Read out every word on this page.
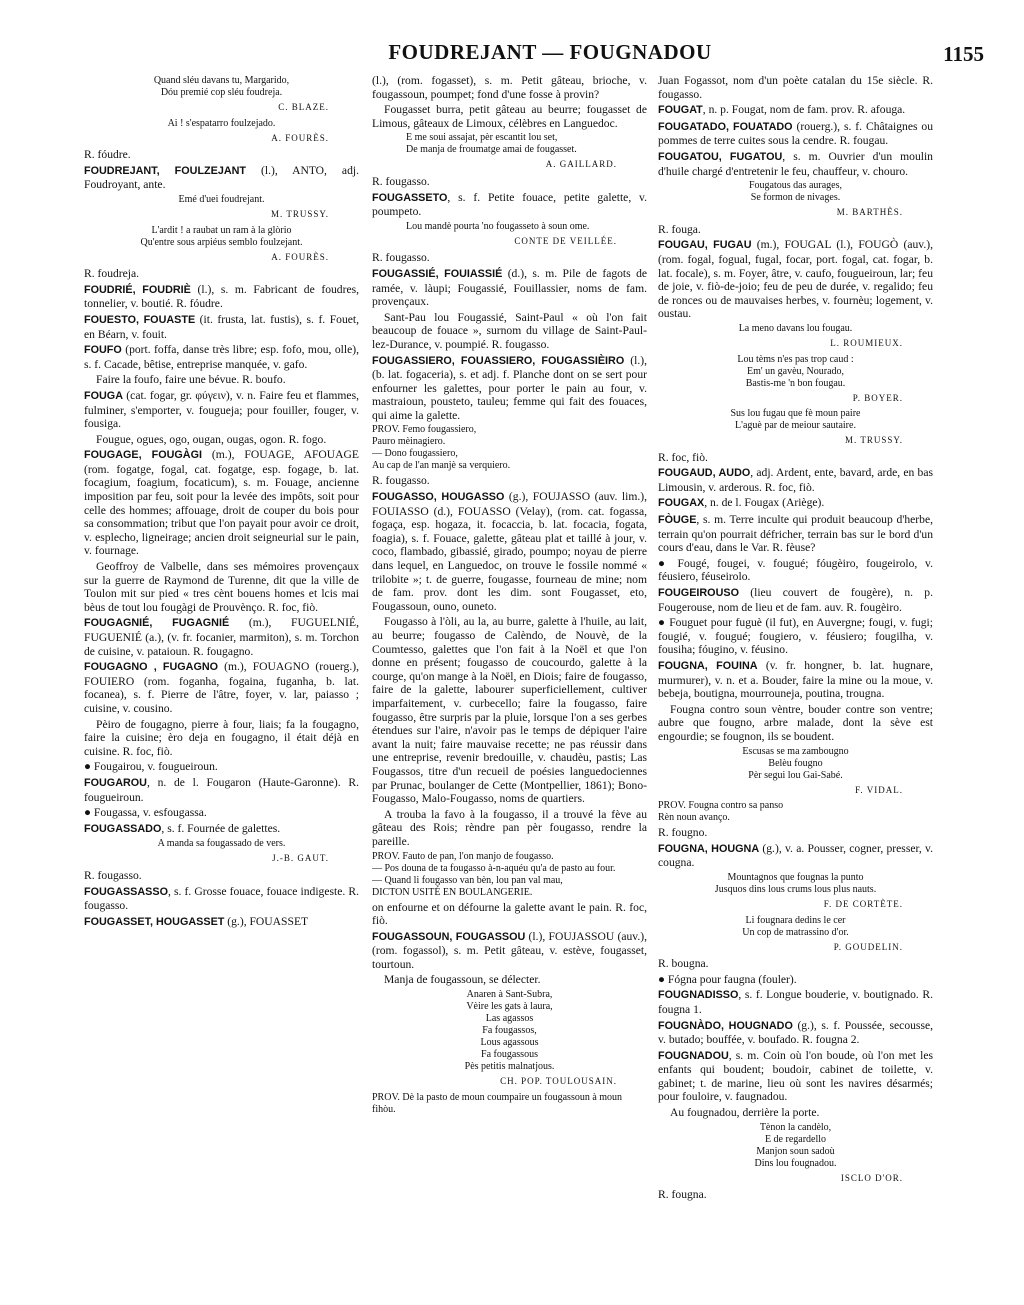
FOUDREJANT — FOUGNADOU	1155
Quand sléu davans tu, Margarido,
Dóu premié cop sléu foudreja.
C. BLAZE.
Ai ! s'espatarro foulzejado.
A. FOURÈS.
R. fóudre.
FOUDREJANT, FOULZEJANT (l.), ANTO, adj. Foudroyant, ante.
Emé d'uei foudrejant.
M. TRUSSY.
L'ardit ! a raubat un ram à la glòrio
Qu'entre sous arpiéus semblo foulzejant.
A. FOURÈS.
R. foudreja.
FOUDRIÉ, FOUDRIÈ (l.), s. m. Fabricant de foudres, tonnelier, v. boutié. R. fóudre.
FOUESTO, FOUASTE (it. frusta, lat. fustis), s. f. Fouet, en Béarn, v. fouit.
FOUFO (port. foffa, danse très libre; esp. fofo, mou, olle), s. f. Cacade, bêtise, entreprise manquée, v. gafo.
Faire la foufo, faire une bévue. R. boufo.
FOUGA (cat. fogar, gr. φύγειν), v. n. Faire feu et flammes, fulminer, s'emporter, v. fougueja; pour fouiller, fouger, v. fousiga.
Fougue, ogues, ogo, ougan, ougas, ogon. R. fogo.
FOUGAGE, FOUGÀGI (m.), FOUAGE, AFOUAGE (rom. fogatge, fogal, cat. fogatge, esp. fogage, b. lat. focagium, foagium, focaticum), s. m. Fouage, ancienne imposition par feu, soit pour la levée des impôts, soit pour celle des hommes; affouage, droit de couper du bois pour sa consommation; tribut que l'on payait pour avoir ce droit, v. esplecho, ligneirage; ancien droit seigneurial sur le pain, v. fournage.
Geoffroy de Valbelle, dans ses mémoires provençaux sur la guerre de Raymond de Turenne, dit que la ville de Toulon mit sur pied « tres cènt bouens homes et lcis mai bèus de tout lou fougàgi de Prouvènço. R. foc, fiò.
FOUGAGNIÉ, FUGAGNIÉ (m.), FUGUELNIÉ, FUGUENIÉ (a.), (v. fr. focanier, marmiton), s. m. Torchon de cuisine, v. pataioun. R. fougagno.
FOUGAGNO , FUGAGNO (m.), FOUAGNO (rouerg.), FOUIERO (rom. foganha, fogaina, fuganha, b. lat. focanea), s. f. Pierre de l'âtre, foyer, v. lar, paiasso ; cuisine, v. cousino.
Pèiro de fougagno, pierre à four, liais; fa la fougagno, faire la cuisine; èro deja en fougagno, il était déjà en cuisine. R. foc, fiò.
● Fougairou, v. fougueiroun.
FOUGAROU, n. de l. Fougaron (Haute-Garonne). R. fougueiroun.
● Fougassa, v. esfougassa.
FOUGASSADO, s. f. Fournée de galettes.
A manda sa fougassado de vers.
J.-B. GAUT.
R. fougasso.
FOUGASSASSO, s. f. Grosse fouace, fouace indigeste. R. fougasso.
FOUGASSET, HOUGASSET (g.), FOUASSET
(l.), (rom. fogasset), s. m. Petit gâteau, brioche, v. fougassoun, poumpet; fond d'une fosse à provin?
Fougasset burra, petit gâteau au beurre; fougasset de Limous, gâteaux de Limoux, célèbres en Languedoc.
E me soui assajat, pèr escantit lou set,
De manja de froumatge amai de fougasset.
A. GAILLARD.
R. fougasso.
FOUGASSETO, s. f. Petite fouace, petite galette, v. poumpeto.
Lou mandè pourta 'no fougasseto à soun ome.
CONTE DE VEILLÉE.
R. fougasso.
FOUGASSIÉ, FOUIASSIÉ (d.), s. m. Pile de fagots de ramée, v. làupi; Fougassié, Fouillassier, noms de fam. provençaux.
Sant-Pau lou Fougassié, Saint-Paul « où l'on fait beaucoup de fouace », surnom du village de Saint-Paul-lez-Durance, v. poumpié. R. fougasso.
FOUGASSIERO, FOUASSIERO, FOUGASSIÈIRO (l.), (b. lat. fogaceria), s. et adj. f. Planche dont on se sert pour enfourner les galettes, pour porter le pain au four, v. mastraioun, pousteto, tauleu; femme qui fait des fouaces, qui aime la galette.
PROV. Femo fougassiero,
Pauro mèinagiero.
— Dono fougassiero,
Au cap de l'an manjè sa verquiero.
R. fougasso.
FOUGASSO, HOUGASSO (g.), FOUJASSO (auv. lim.), FOUIASSO (d.), FOUASSO (Velay), (rom. cat. fogassa, fogaça, esp. hogaza, it. focaccia, b. lat. focacia, fogata, foagia), s. f. Fouace, galette, gâteau plat et taillé à jour, v. coco, flambado, gibassié, girado, poumpo; noyau de pierre dans lequel, en Languedoc, on trouve le fossile nommé « trilobite »; t. de guerre, fougasse, fourneau de mine; nom de fam. prov. dont les dim. sont Fougasset, eto, Fougassoun, ouno, ouneto.
Fougasso à l'òli, au la, au burre, galette à l'huile, au lait, au beurre; fougasso de Calèndo, de Nouvè, de la Coumtesso, galettes que l'on fait à la Noël et que l'on donne en présent; fougasso de coucourdo, galette à la courge, qu'on mange à la Noël, en Diois; faire de fougasso, faire de la galette, labourer superficiellement, cultiver imparfaitement, v. curbecello; faire la fougasso, faire fougasso, être surpris par la pluie, lorsque l'on a ses gerbes étendues sur l'aire, n'avoir pas le temps de dépiquer l'aire avant la nuit; faire mauvaise recette; ne pas réussir dans une entreprise, revenir bredouille, v. chaudèu, pastis; Las Fougassos, titre d'un recueil de poésies languedociennes par Prunac, boulanger de Cette (Montpellier, 1861); Bono-Fougasso, Malo-Fougasso, noms de quartiers.
A trouba la favo à la fougasso, il a trouvé la fève au gâteau des Rois; rèndre pan pèr fougasso, rendre la pareille.
PROV. Fauto de pan, l'on manjo de fougasso.
— Pos douna de ta fougasso à-n-aquéu qu'a de pasto au four.
— Quand li fougasso van bèn, lou pan val mau,
DICTON USITÉ EN BOULANGERIE.
on enfourne et on défourne la galette avant le pain. R. foc, fiò.
FOUGASSOUN, FOUGASSOU (l.), FOUJASSOU (auv.), (rom. fogassol), s. m. Petit gâteau, v. estève, fougasset, tourtoun.
Manja de fougassoun, se délecter.
Anaren à Sant-Subra,
Vèire les gats à laura,
Las agassos
Fa fougassos,
Lous agassous
Fa fougassous
Pès petitis malnatjous.
CH. POP. TOULOUSAIN.
PROV. Dè la pasto de moun coumpaire un fougassoun à moun fihòu.
Juan Fogassot, nom d'un poète catalan du 15e siècle. R. fougasso.
FOUGAT, n. p. Fougat, nom de fam. prov. R. afouga.
FOUGATADO, FOUATADO (rouerg.), s. f. Châtaignes ou pommes de terre cuites sous la cendre. R. fougau.
FOUGATOU, FUGATOU, s. m. Ouvrier d'un moulin d'huile chargé d'entretenir le feu, chauffeur, v. chouro.
Fougatous das aurages,
Se formon de nivages.
M. BARTHÈS.
R. fouga.
FOUGAU, FUGAU (m.), FOUGAL (l.), FOUGÒ (auv.), (rom. fogal, fogual, fugal, focar, port. fogal, cat. fogar, b. lat. focale), s. m. Foyer, âtre, v. caufo, fougueiroun, lar; feu de joie, v. fiò-de-joio; feu de peu de durée, v. regalido; feu de ronces ou de mauvaises herbes, v. fournèu; logement, v. oustau.
La meno davans lou fougau.
L. ROUMIEUX.
Lou tèms n'es pas trop caud :
Em' un gavèu, Nourado,
Bastis-me 'n bon fougau.
P. BOYER.
Sus lou fugau que fè moun paire
L'aguè par de meiour sautaire.
M. TRUSSY.
R. foc, fiò.
FOUGAUD, AUDO, adj. Ardent, ente, bavard, arde, en bas Limousin, v. arderous. R. foc, fiò.
FOUGAX, n. de l. Fougax (Ariège).
FÒUGE, s. m. Terre inculte qui produit beaucoup d'herbe, terrain qu'on pourrait défricher, terrain bas sur le bord d'un cours d'eau, dans le Var. R. fèuse?
● Fougé, fougei, v. fougué; fóugèiro, fougeirolo, v. féusiero, féuseirolo.
FOUGEIROUSO (lieu couvert de fougère), n. p. Fougerouse, nom de lieu et de fam. auv. R. fougèiro.
● Fouguet pour fuguè (il fut), en Auvergne; fougi, v. fugi; fougié, v. fougué; fougiero, v. féusiero; fougilha, v. fousiha; fóugino, v. féusino.
FOUGNA, FOUINA (v. fr. hongner, b. lat. hugnare, murmurer), v. n. et a. Bouder, faire la mine ou la moue, v. bebeja, boutigna, mourrouneja, poutina, trougna.
Fougna contro soun vèntre, bouder contre son ventre; aubre que fougno, arbre malade, dont la sève est engourdie; se fougnon, ils se boudent.
Escusas se ma zambougno
Belèu fougno
Pèr segui lou Gai-Sabé.
F. VIDAL.
PROV. Fougna contro sa panso
Rèn noun avanço.
R. fougno.
FOUGNA, HOUGNA (g.), v. a. Pousser, cogner, presser, v. cougna.
Mountagnos que fougnas la punto
Jusquos dins lous crums lous plus nauts.
F. DE CORTÈTE.
Li fougnara dedins le cer
Un cop de matrassino d'or.
P. GOUDELIN.
R. bougna.
● Fógna pour faugna (fouler).
FOUGNADISSO, s. f. Longue bouderie, v. boutignado. R. fougna 1.
FOUGNÀDO, HOUGNADO (g.), s. f. Poussée, secousse, v. butado; bouffée, v. boufado. R. fougna 2.
FOUGNADOU, s. m. Coin où l'on boude, où l'on met les enfants qui boudent; boudoir, cabinet de toilette, v. gabinet; t. de marine, lieu où sont les navires désarmés; pour fouloire, v. faugnadou.
Au fougnadou, derrière la porte.
Tènon la candèlo,
E de regardello
Manjon soun sadoù
Dins lou fougnadou.
ISCLO D'OR.
R. fougna.
